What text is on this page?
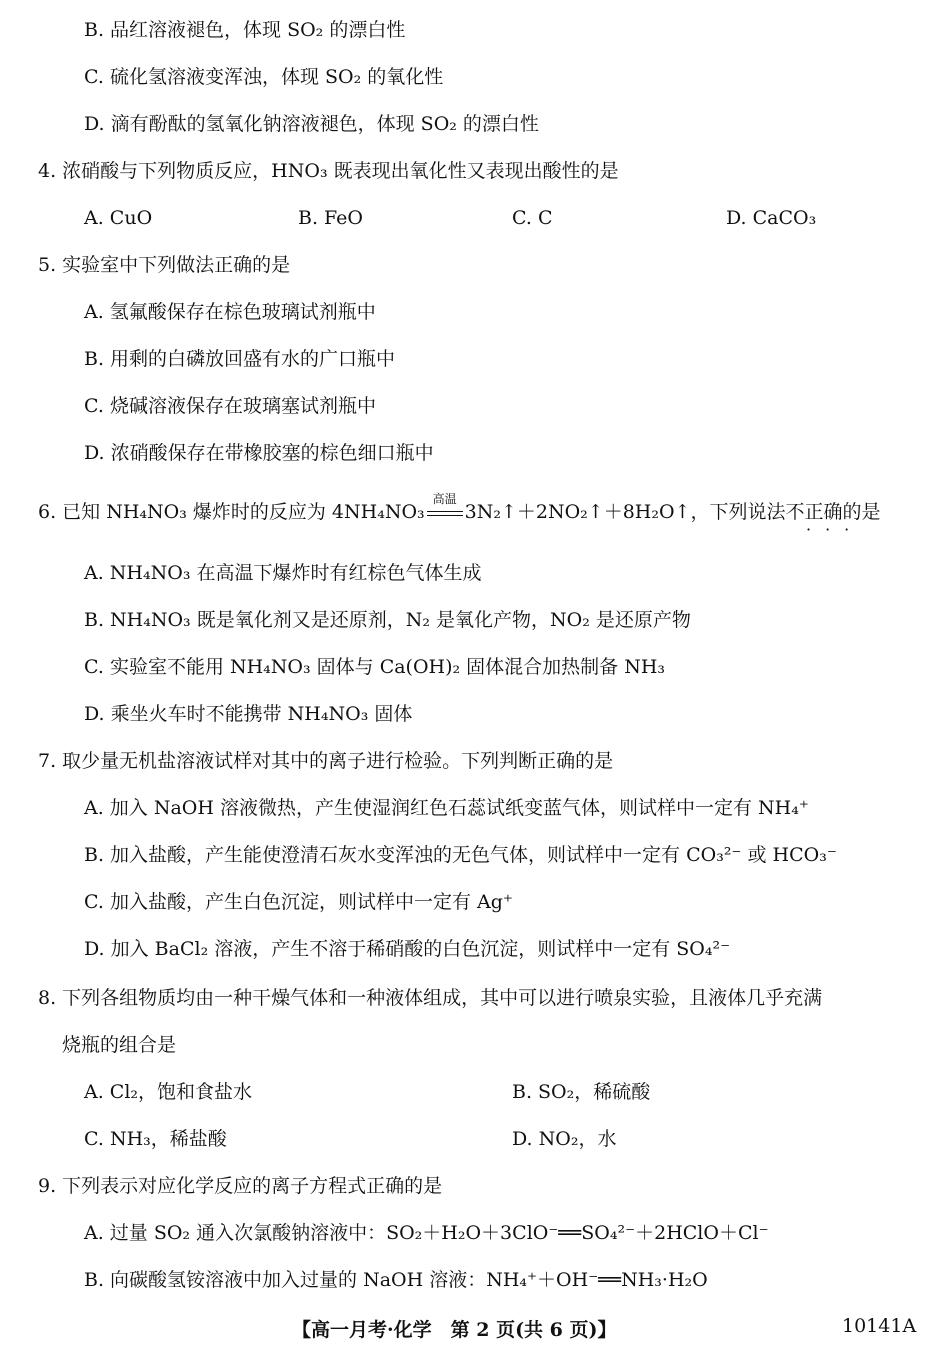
B. 品红溶液褪色，体现 SO₂ 的漂白性
C. 硫化氢溶液变浑浊，体现 SO₂ 的氧化性
D. 滴有酚酞的氢氧化钠溶液褪色，体现 SO₂ 的漂白性
4. 浓硝酸与下列物质反应，HNO₃ 既表现出氧化性又表现出酸性的是
A. CuO	B. FeO	C. C	D. CaCO₃
5. 实验室中下列做法正确的是
A. 氢氟酸保存在棕色玻璃试剂瓶中
B. 用剩的白磷放回盛有水的广口瓶中
C. 烧碱溶液保存在玻璃塞试剂瓶中
D. 浓硝酸保存在带橡胶塞的棕色细口瓶中
6. 已知 NH₄NO₃ 爆炸时的反应为 4NH₄NO₃
高温
3N₂↑＋2NO₂↑＋8H₂O↑，下列说法不正确的是
···
A. NH₄NO₃ 在高温下爆炸时有红棕色气体生成
B. NH₄NO₃ 既是氧化剂又是还原剂，N₂ 是氧化产物，NO₂ 是还原产物
C. 实验室不能用 NH₄NO₃ 固体与 Ca(OH)₂ 固体混合加热制备 NH₃
D. 乘坐火车时不能携带 NH₄NO₃ 固体
7. 取少量无机盐溶液试样对其中的离子进行检验。下列判断正确的是
A. 加入 NaOH 溶液微热，产生使湿润红色石蕊试纸变蓝气体，则试样中一定有 NH₄⁺
B. 加入盐酸，产生能使澄清石灰水变浑浊的无色气体，则试样中一定有 CO₃²⁻ 或 HCO₃⁻
C. 加入盐酸，产生白色沉淀，则试样中一定有 Ag⁺
D. 加入 BaCl₂ 溶液，产生不溶于稀硝酸的白色沉淀，则试样中一定有 SO₄²⁻
8. 下列各组物质均由一种干燥气体和一种液体组成，其中可以进行喷泉实验，且液体几乎充满
烧瓶的组合是
A. Cl₂，饱和食盐水	B. SO₂，稀硫酸
C. NH₃，稀盐酸	D. NO₂，水
9. 下列表示对应化学反应的离子方程式正确的是
A. 过量 SO₂ 通入次氯酸钠溶液中：SO₂＋H₂O＋3ClO⁻══SO₄²⁻＋2HClO＋Cl⁻
B. 向碳酸氢铵溶液中加入过量的 NaOH 溶液：NH₄⁺＋OH⁻══NH₃·H₂O
【高一月考·化学　第 2 页(共 6 页)】	10141A
